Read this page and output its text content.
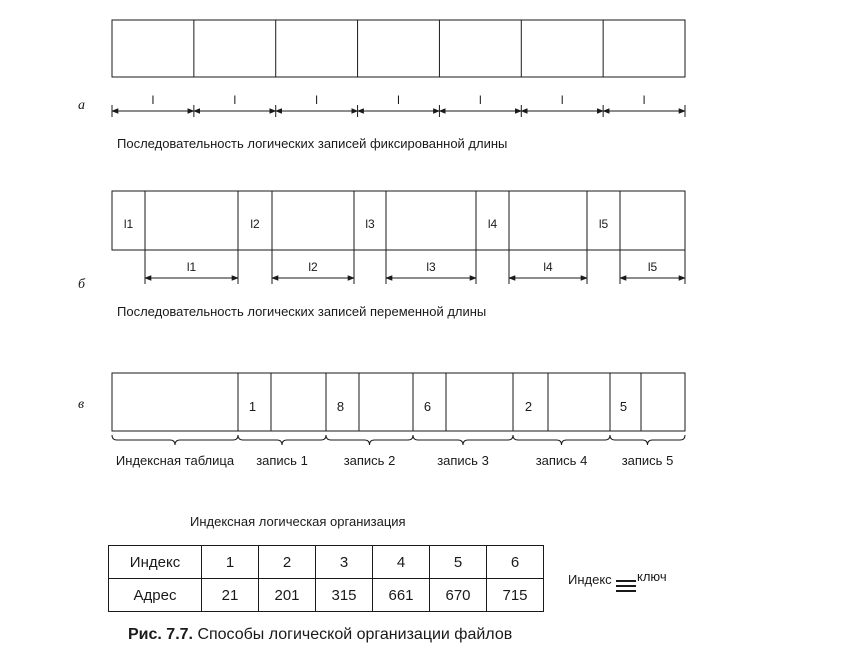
l	l	l	l	l	l	l
l1
l1
l2
l2
l3
l3
l4
l4
l5
l5
1	8	6	2	5
Индексная таблица запись 1	запись 2	запись 3	запись 4	запись 5
а
Последовательность логических записей фиксированной длины
б
Последовательность логических записей переменной длины
в
Индексная логическая организация
Индекс	1	2	3	4	5	6
Адрес	21	201	315	661	670	715
Индекс ключ
Рис. 7.7. Способы логической организации файлов
